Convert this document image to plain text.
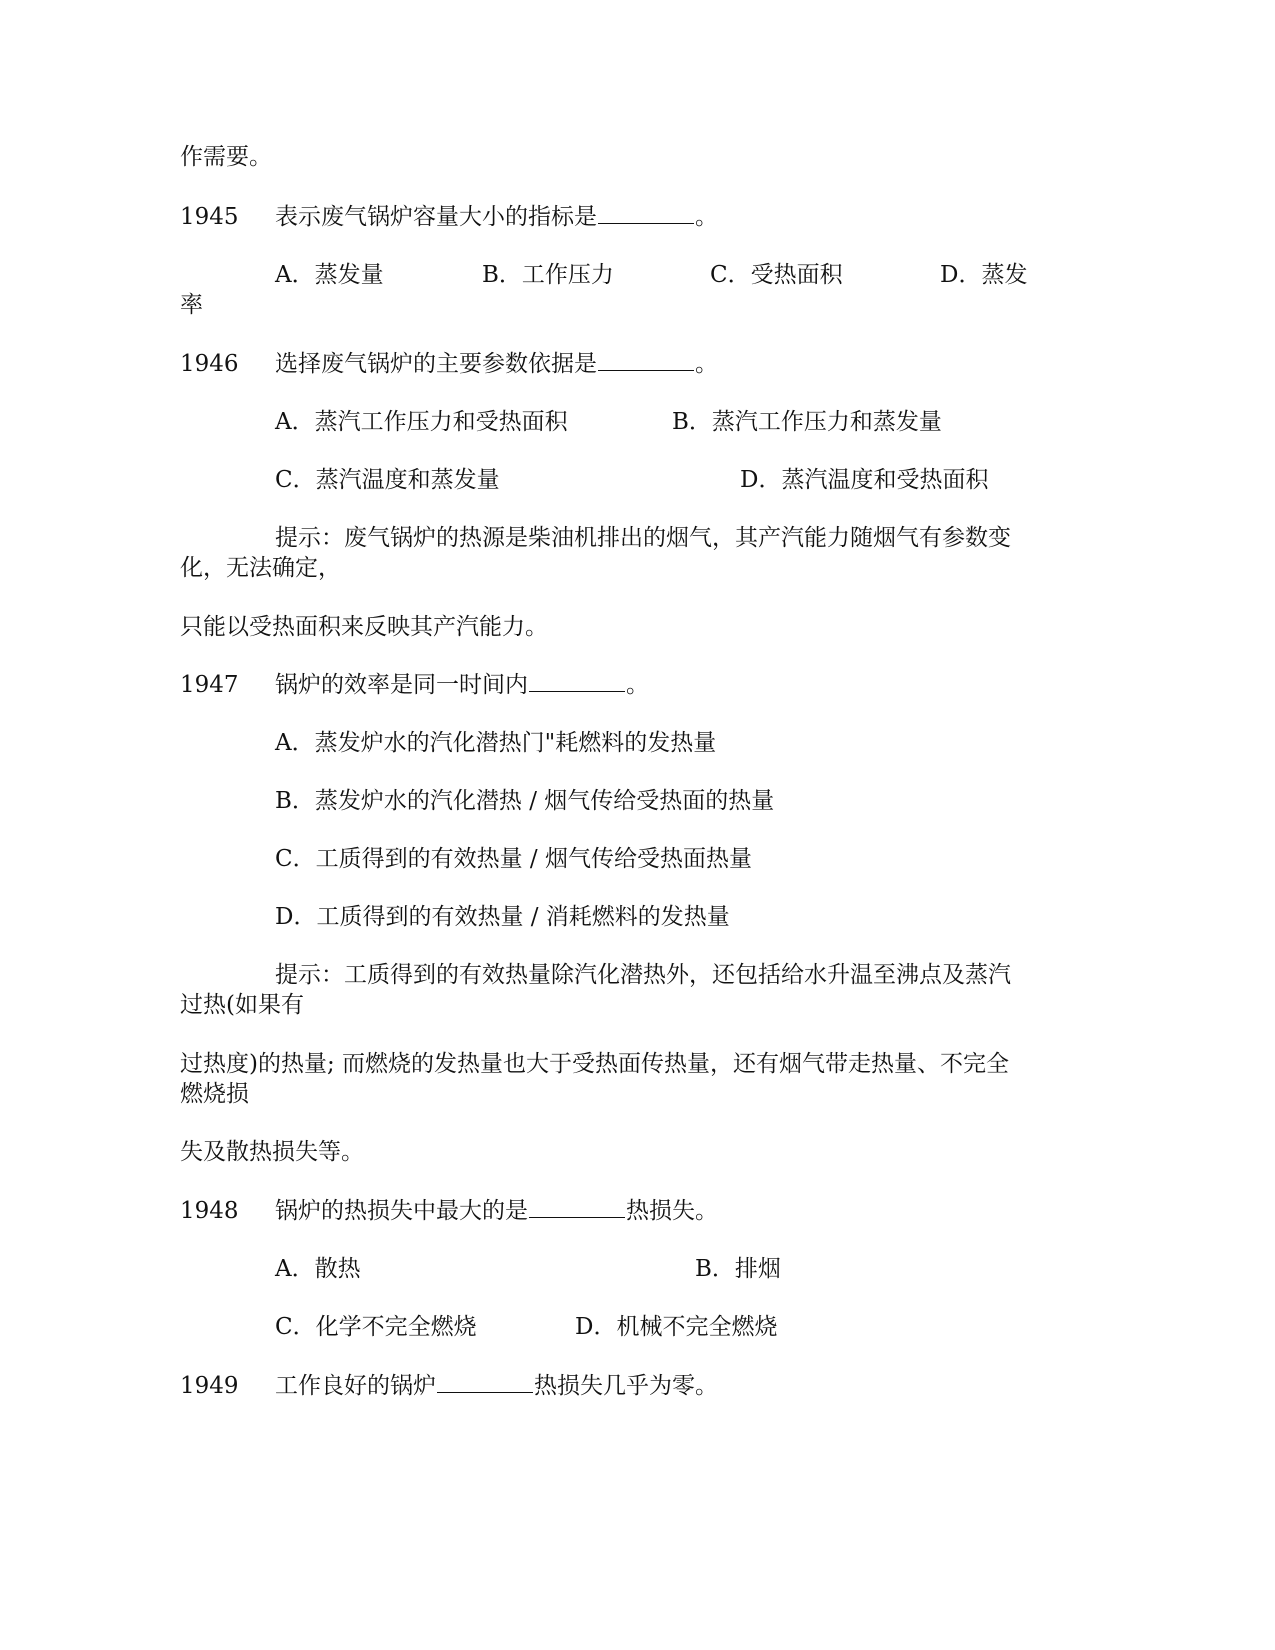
作需要。
1945 表示废气锅炉容量大小的指标是	。
A．蒸发量	B．工作压力	C．受热面积	D．蒸发
率
1946 选择废气锅炉的主要参数依据是	。
A．蒸汽工作压力和受热面积	B．蒸汽工作压力和蒸发量
C．蒸汽温度和蒸发量	D．蒸汽温度和受热面积
提示：废气锅炉的热源是柴油机排出的烟气，其产汽能力随烟气有参数变
化，无法确定，
只能以受热面积来反映其产汽能力。
1947 锅炉的效率是同一时间内	。
A．蒸发炉水的汽化潜热门"耗燃料的发热量
B．蒸发炉水的汽化潜热 / 烟气传给受热面的热量
C．工质得到的有效热量 / 烟气传给受热面热量
D．工质得到的有效热量 / 消耗燃料的发热量
提示：工质得到的有效热量除汽化潜热外，还包括给水升温至沸点及蒸汽
过热(如果有
过热度)的热量; 而燃烧的发热量也大于受热面传热量，还有烟气带走热量、不完全
燃烧损
失及散热损失等。
1948 锅炉的热损失中最大的是	热损失。
A．散热	B．排烟
C．化学不完全燃烧	D．机械不完全燃烧
1949 工作良好的锅炉	热损失几乎为零。
